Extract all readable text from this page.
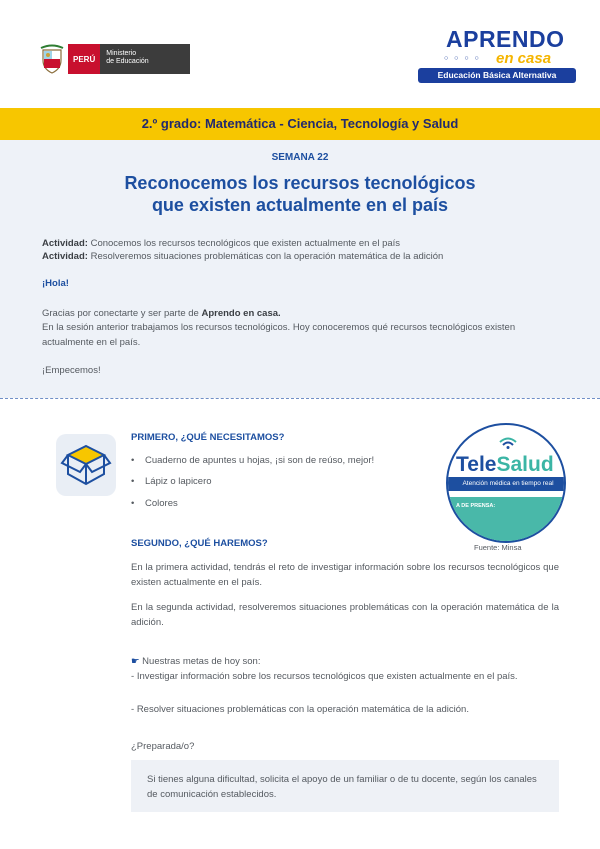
PERÚ
Ministerio
de Educación
APRENDO
○ ○ ○ ○ en casa
Educación Básica Alternativa
2.º grado: Matemática - Ciencia, Tecnología y Salud
SEMANA 22
Reconocemos los recursos tecnológicos
que existen actualmente en el país
Actividad: Conocemos los recursos tecnológicos que existen actualmente en el país
Actividad: Resolveremos situaciones problemáticas con la operación matemática de la adición
¡Hola!
Gracias por conectarte y ser parte de Aprendo en casa.
En la sesión anterior trabajamos los recursos tecnológicos. Hoy conoceremos qué recursos tecnológicos existen actualmente en el país.
¡Empecemos!
PRIMERO, ¿QUÉ NECESITAMOS?
• Cuaderno de apuntes u hojas, ¡si son de reúso, mejor!
• Lápiz o lapicero
• Colores
TeleSalud
Atención médica en tiempo real
A DE PRENSA:
Fuente: Minsa
SEGUNDO, ¿QUÉ HAREMOS?
En la primera actividad, tendrás el reto de investigar información sobre los recursos tecnológicos que existen actualmente en el país.
En la segunda actividad, resolveremos situaciones problemáticas con la operación matemática de la adición.
☛ Nuestras metas de hoy son:
- Investigar información sobre los recursos tecnológicos que existen actualmente en el país.
- Resolver situaciones problemáticas con la operación matemática de la adición.
¿Preparada/o?
Si tienes alguna dificultad, solicita el apoyo de un familiar o de tu docente, según los canales de comunicación establecidos.
